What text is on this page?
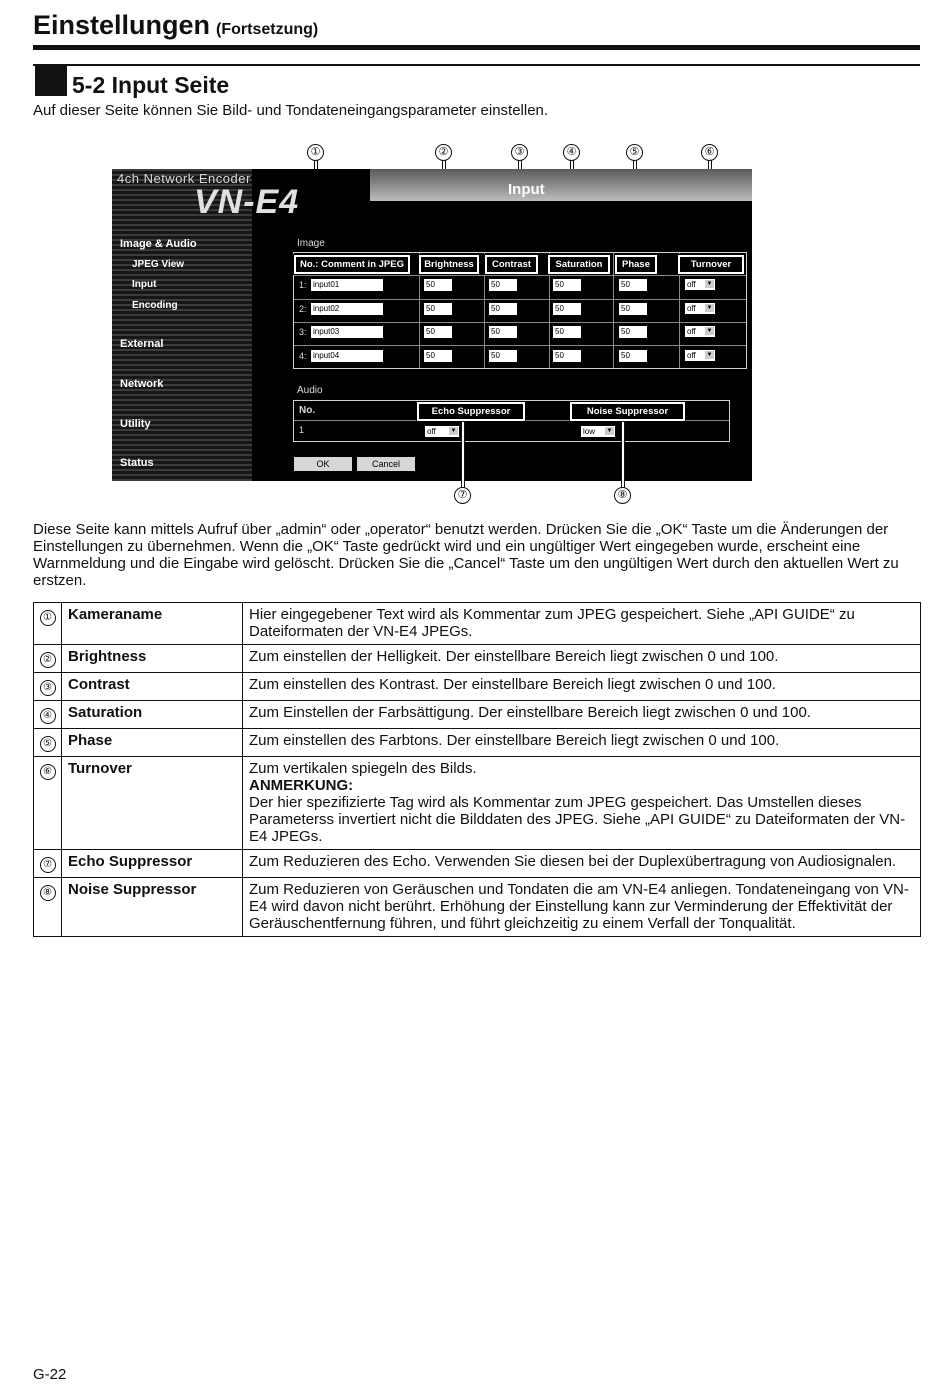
Einstellungen (Fortsetzung)
5-2 Input Seite
Auf dieser Seite können Sie Bild- und Tondateneingangsparameter einstellen.
4ch Network Encoder
VN-E4	Input
Image & Audio
JPEG View
Input
Encoding
External
Network
Utility
Status
Image
No.: Comment in JPEG	Brightness	Contrast	Saturation	Phase	Turnover
1: input01	50	50	50	50	off ▼
2: input02	50	50	50	50	off ▼
3: input03	50	50	50	50	off ▼
4: input04	50	50	50	50	off ▼
Audio
No.	Echo Suppressor	Noise Suppressor
1	off ▼	low ▼
OK	Cancel
①	②	③	④	⑤	⑥
⑦	⑧
Diese Seite kann mittels Aufruf über „admin“ oder „operator“ benutzt werden. Drücken Sie die „OK“ Taste um die Änderungen der Einstellungen zu übernehmen. Wenn die „OK“ Taste gedrückt wird und ein ungültiger Wert eingegeben wurde, erscheint eine Warnmeldung und die Eingabe wird gelöscht. Drücken Sie die „Cancel“ Taste um den ungültigen Wert durch den aktuellen Wert zu erstzen.
①	Kameraname	Hier eingegebener Text wird als Kommentar zum JPEG gespeichert. Siehe „API GUIDE“ zu Dateiformaten der VN-E4 JPEGs.
②	Brightness	Zum einstellen der Helligkeit. Der einstellbare Bereich liegt zwischen 0 und 100.
③	Contrast	Zum einstellen des Kontrast. Der einstellbare Bereich liegt zwischen 0 und 100.
④	Saturation	Zum Einstellen der Farbsättigung. Der einstellbare Bereich liegt zwischen 0 und 100.
⑤	Phase	Zum einstellen des Farbtons. Der einstellbare Bereich liegt zwischen 0 und 100.
⑥	Turnover	Zum vertikalen spiegeln des Bilds.
ANMERKUNG:
Der hier spezifizierte Tag wird als Kommentar zum JPEG gespeichert. Das Umstellen dieses Parameterss invertiert nicht die Bilddaten des JPEG. Siehe „API GUIDE“ zu Dateiformaten der VN-E4 JPEGs.

⑦	Echo Suppressor	Zum Reduzieren des Echo. Verwenden Sie diesen bei der Duplexübertragung von Audiosignalen.
⑧	Noise Suppressor	Zum Reduzieren von Geräuschen und Tondaten die am VN-E4 anliegen. Tondateneingang von VN-E4 wird davon nicht berührt. Erhöhung der Einstellung kann zur Verminderung der Effektivität der Geräuschentfernung führen, und führt gleichzeitig zu einem Verfall der Tonqualität.
G-22
